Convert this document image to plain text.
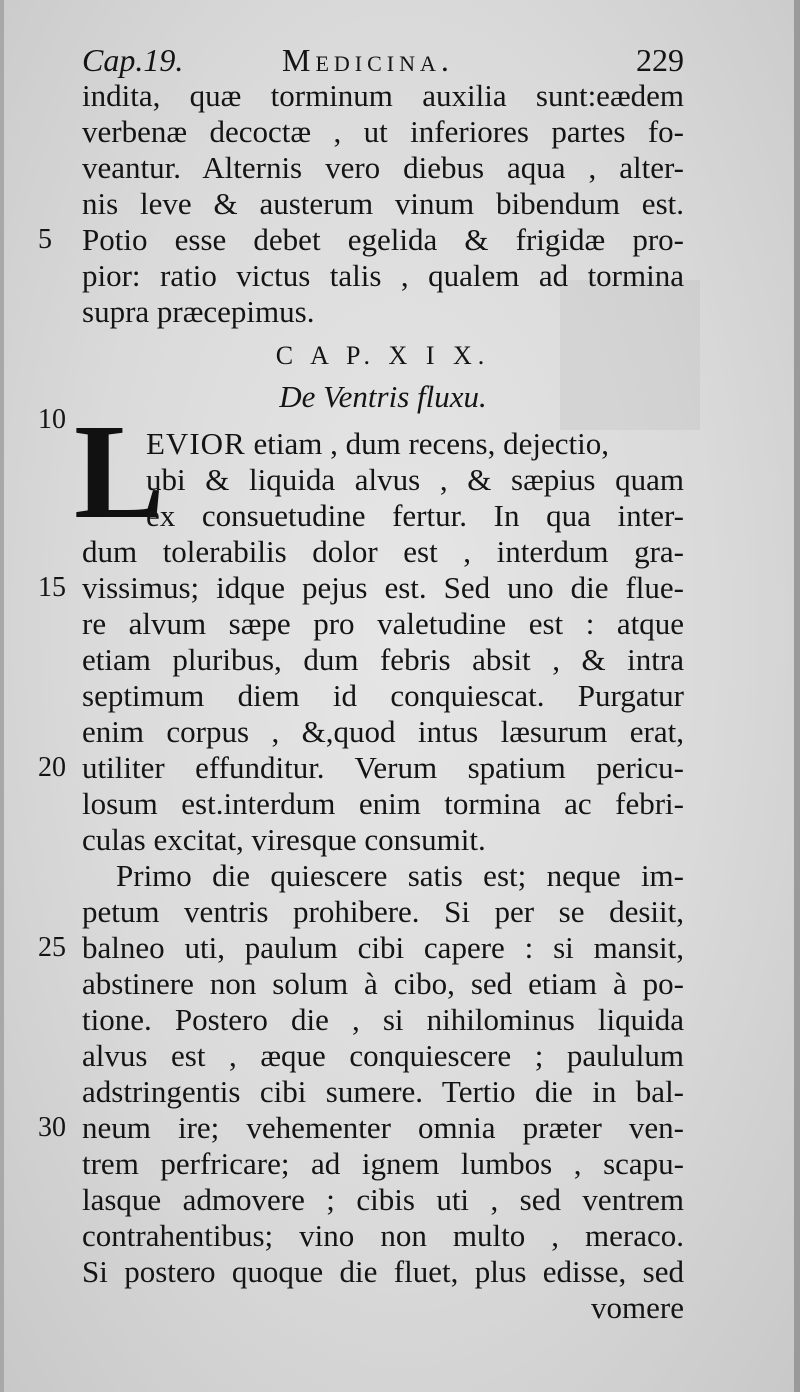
Cap.19.	Medicina.	229
indita, quæ torminum auxilia sunt:eædem
verbenæ decoctæ , ut inferiores partes fo-
veantur. Alternis vero diebus aqua , alter-
nis leve & austerum vinum bibendum est.
5 Potio esse debet egelida & frigidæ pro-
pior: ratio victus talis , qualem ad tormina
supra præcepimus.
C A P. X I X.
De Ventris fluxu.
10 L
EVIOR etiam , dum recens, dejectio,
ubi & liquida alvus , & sæpius quam
ex consuetudine fertur. In qua inter-
dum tolerabilis dolor est , interdum gra-
15 vissimus; idque pejus est. Sed uno die flue-
re alvum sæpe pro valetudine est : atque
etiam pluribus, dum febris absit , & intra
septimum diem id conquiescat. Purgatur
enim corpus , &,quod intus læsurum erat,
20 utiliter effunditur. Verum spatium pericu-
losum est.interdum enim tormina ac febri-
culas excitat, viresque consumit.
Primo die quiescere satis est; neque im-
petum ventris prohibere. Si per se desiit,
25 balneo uti, paulum cibi capere : si mansit,
abstinere non solum à cibo, sed etiam à po-
tione. Postero die , si nihilominus liquida
alvus est , æque conquiescere ; paululum
adstringentis cibi sumere. Tertio die in bal-
30 neum ire; vehementer omnia præter ven-
trem perfricare; ad ignem lumbos , scapu-
lasque admovere ; cibis uti , sed ventrem
contrahentibus; vino non multo , meraco.
Si postero quoque die fluet, plus edisse, sed
vomere
